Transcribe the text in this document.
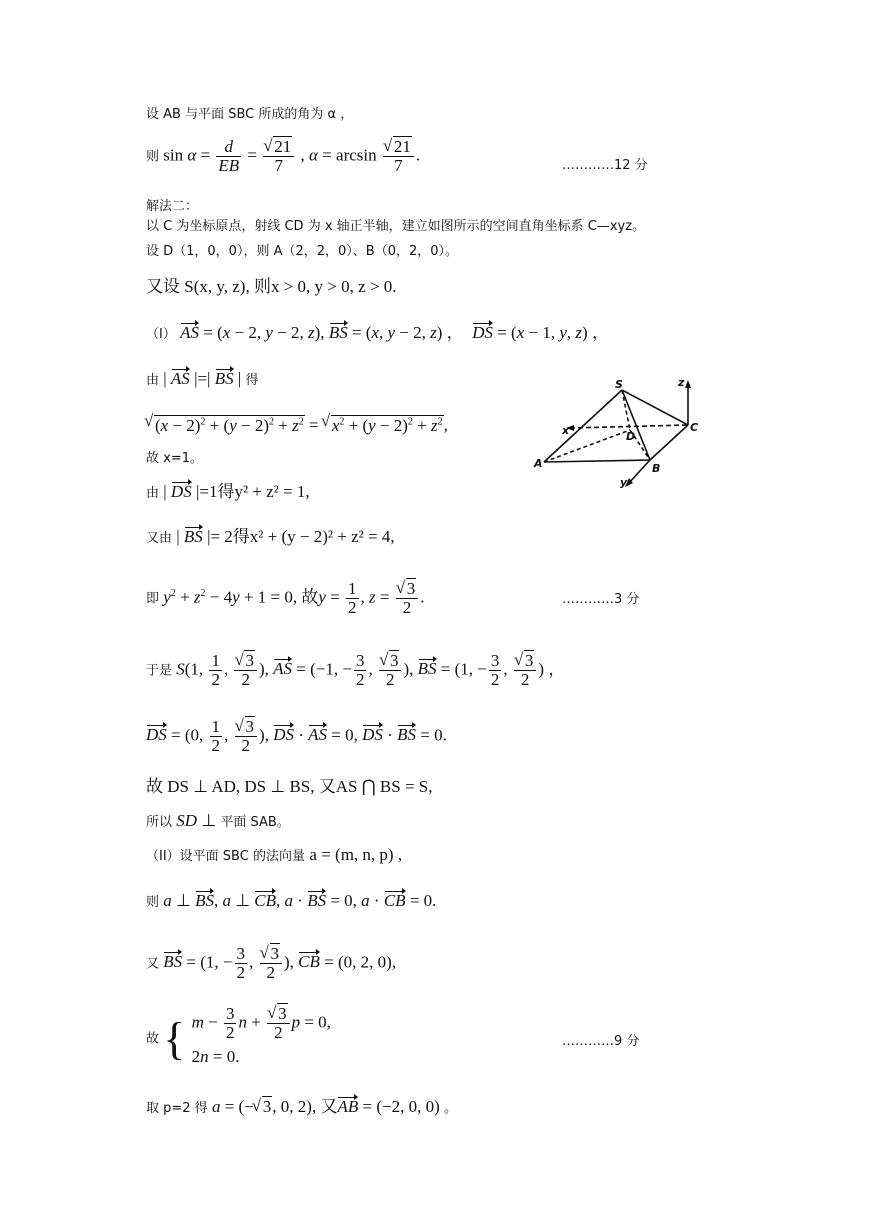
设 AB 与平面 SBC 所成的角为 α ，
则 $\sin \alpha = \frac{d}{EB}$ = √ $\frac{21}{7}$ , α = arcsin √ $\frac{21}{7}$ .
…………12 分
解法二：
以 C 为坐标原点，射线 CD 为 x 轴正半轴，建立如图所示的空间直角坐标系 C—xyz。
设 D（1，0，0），则 A（2，2，0）、B（0，2，0）。
又设 S(x, y, z), 则x > 0, y > 0, z > 0.
（I） AS = (x − 2, y − 2, z), BS = (x, y − 2, z) ，  DS = (x − 1, y, z) ，
由 | AS |=| BS | 得
√ $(x - 2)^2 + (y - 2)^2 + z^2$ = √ $x^2 + (y - 2)^2 + z^2$,
故 x=1。
由 | DS |=1得y² + z² = 1,
又由 | BS |= 2得x² + (y − 2)² + z² = 4,
即 $y^2 + z^2 - 4y + 1 = 0$, 故$y = \frac{1}{2}$ , z = √ $\frac{3}{2}$ .	…………3 分
于是 S(1, $\frac{1}{2}$ , √ $\frac{3}{2}$ ), AS = (−1, − $\frac{3}{2}$ , √ $\frac{3}{2}$ ), BS = (1, − $\frac{3}{2}$ , √ $\frac{3}{2}$ ) ，
DS = (0, $\frac{1}{2}$ , √ $\frac{3}{2}$ ), DS · AS = 0, DS · BS = 0.
故 DS ⊥ AD, DS ⊥ BS, 又AS ⋂ BS = S,
所以 SD ⊥ 平面 SAB。
（II）设平面 SBC 的法向量 a = (m, n, p) ,
则 a ⊥ BS, a ⊥ CB, a · BS = 0, a · CB = 0.
又 BS = (1, − $\frac{3}{2}$ , √ $\frac{3}{2}$ ), CB = (0, 2, 0),
故 { $m - \frac{3}{2}$ n + √ $\frac{3}{2}$ p = 0,
2n = 0.
…………9 分
取 p=2 得 a = (− √ 3, 0, 2), 又AB = (−2, 0, 0) 。
S	z
x	D
C
A	B
y
